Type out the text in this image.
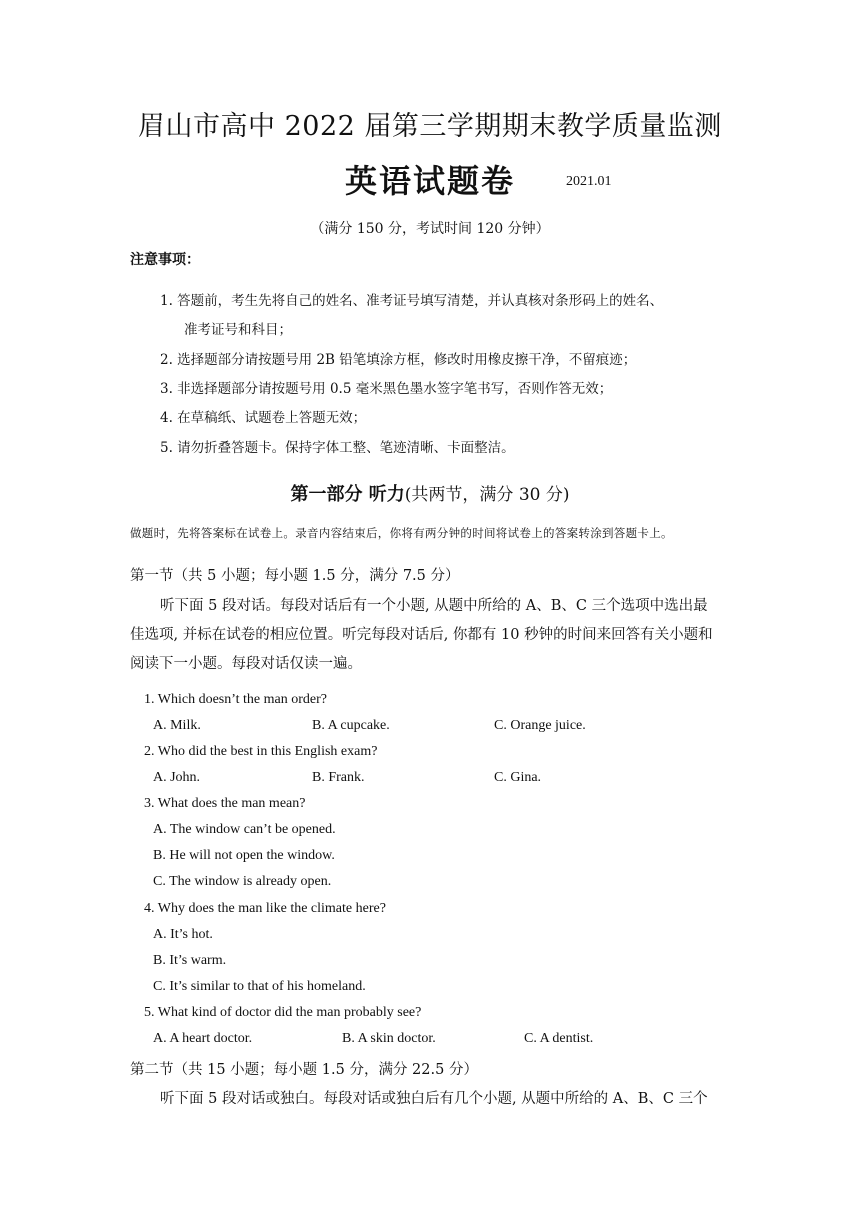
眉山市高中 2022 届第三学期期末教学质量监测
英语试题卷	2021.01
（满分 150 分，考试时间 120 分钟）
注意事项：
1. 答题前，考生先将自己的姓名、准考证号填写清楚，并认真核对条形码上的姓名、
准考证号和科目；
2. 选择题部分请按题号用 2B 铅笔填涂方框，修改时用橡皮擦干净，不留痕迹；
3. 非选择题部分请按题号用 0.5 毫米黑色墨水签字笔书写，否则作答无效；
4. 在草稿纸、试题卷上答题无效；
5. 请勿折叠答题卡。保持字体工整、笔迹清晰、卡面整洁。
第一部分 听力(共两节，满分 30 分)
做题时，先将答案标在试卷上。录音内容结束后，你将有两分钟的时间将试卷上的答案转涂到答题卡上。
第一节（共 5 小题；每小题 1.5 分，满分 7.5 分）
听下面 5 段对话。每段对话后有一个小题, 从题中所给的 A、B、C 三个选项中选出最
佳选项, 并标在试卷的相应位置。听完每段对话后, 你都有 10 秒钟的时间来回答有关小题和
阅读下一小题。每段对话仅读一遍。
1. Which doesn’t the man order?
A. Milk.	B. A cupcake.	C. Orange juice.
2. Who did the best in this English exam?
A. John.	B. Frank.	C. Gina.
3. What does the man mean?
A. The window can’t be opened.
B. He will not open the window.
C. The window is already open.
4. Why does the man like the climate here?
A. It’s hot.
B. It’s warm.
C. It’s similar to that of his homeland.
5. What kind of doctor did the man probably see?
A. A heart doctor.	B. A skin doctor.	C. A dentist.
第二节（共 15 小题；每小题 1.5 分，满分 22.5 分）
听下面 5 段对话或独白。每段对话或独白后有几个小题, 从题中所给的 A、B、C 三个
